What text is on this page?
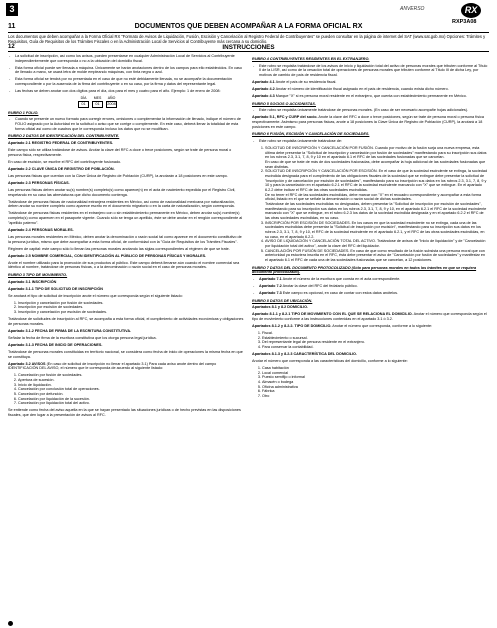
3	ANVERSO	RX
RXP3A08
11	DOCUMENTOS QUE DEBEN ACOMPAÑAR A LA FORMA OFICIAL RX
Los documentos que deben acompañar a la Forma Oficial RX "Formato de Avisos de Liquidación, Fusión, Escisión y Cancelación al Registro Federal de Contribuyentes" se pueden consultar en la página de internet del SAT (www.sat.gob.mx) Opciones: Trámites y Requisitos, Guía de Requisitos de los Trámites Fiscales o en la Administración Local de Servicios al Contribuyente más cercana a su domicilio.
12	INSTRUCCIONES

- La solicitud de inscripción, así como los avisos, pueden presentarse en cualquier Administración Local de Servicios al Contribuyente independientemente que corresponda o no a la ubicación del domicilio fiscal.

- Esta forma oficial puede ser llenada a máquina. Únicamente se harán anotaciones dentro de los campos para ello establecidos. En caso de llenado a mano, se usará letra de molde empleando máquinas, con tinta negra o azul.

- Esta forma oficial se tendrá por no presentada en el caso de que no esté debidamente llenada, no se acompañe la documentación correspondiente o por la ausencia de la firma del contribuyente o en su caso, por la firma y datos del representante legal.

- Las fechas se deben anotar con dos dígitos para el día, dos para el mes y cuatro para el año. Ejemplo: 1 de enero de 2008:

DÍA
01
MES
01
AÑO
2008

RUBRO 1 FOLIO.

- Cuando se presente un nuevo formato para corregir errores, omisiones o complementar la información de llenado, indique el número de FOLIO asignado por la Autoridad en la solicitud o aviso que se corrige o complemente. En este caso, deberá llenar la totalidad de esta forma oficial así como de cuadros que le corresponda incluso los datos que no se modifican.

RUBRO 2 DATOS DE IDENTIFICACIÓN DEL CONTRIBUYENTE.

Apartado 2.1 REGISTRO FEDERAL DE CONTRIBUYENTES.

Este campo sólo se utiliza tratándose de avisos. Anotar la clave del RFC a doce o trece posiciones, según se trate de persona moral o persona física, respectivamente.

En caso de escisión, se escribe el RFC del contribuyente fusionado.

Apartado 2.2 CLAVE ÚNICA DE REGISTRO DE POBLACIÓN.

Las personas físicas que cuentan con la Clave Única de Registro de Población (CURP), la anotarán a 18 posiciones en este campo.

Apartado 2.3 PERSONAS FÍSICAS.

Las personas físicas deben anotar su(s) nombre(s) completo(s) como aparece(n) en el acta de nacimiento expedida por el Registro Civil, respetando en su caso las abreviaturas que dicho documento contenga.

Tratándose de personas físicas de nacionalidad extranjera residentes en México, así como de nacionalidad mexicana por naturalización, deben anotar su nombre completo como aparece escrito en el documento migratorio o en la carta de naturalización, según corresponda.

Tratándose de personas físicas residentes en el extranjero con o sin establecimiento permanente en México, deben anotar su(s) nombre(s) completo(s) como aparecen en el pasaporte vigente. Cuando sólo se tenga un apellido, éste se debe anotar en el renglón correspondiente al "apellido paterno".

Apartado 2.4 PERSONAS MORALES.

Las personas morales residentes en México, deben anotar la denominación o razón social tal como aparece en el documento constitutivo de la persona jurídica, mismo que debe acompañar a esta forma oficial, de conformidad con la "Guía de Requisitos de los Trámites Fiscales".

Régimen de capital: este campo sólo lo llenan las personas morales anotando las siglas correspondientes al régimen de que se trate.

Apartado 2.5 NOMBRE COMERCIAL, CON IDENTIFICACIÓN AL PÚBLICO DE PERSONAS FÍSICAS Y MORALES.

Anote el nombre utilizado para la promoción de sus productos al público. Este campo deberá llenarse aún cuando el nombre comercial sea idéntico al nombre, tratándose de personas físicas, o a la denominación o razón social en el caso de personas morales.

RUBRO 3 TIPO DE MOVIMIENTO.

Apartado 3.1 INSCRIPCIÓN

Apartado 3.1.1 TIPO DE SOLICITUD DE INSCRIPCIÓN

Se anotará el tipo de solicitud de inscripción anote el número que corresponda según el siguiente listado:

1. Inscripción y cancelación por fusión de sociedades.
2. Inscripción por escisión de sociedades.
3. Inscripción y cancelación por escisión de sociedades.

Tratándose de solicitudes de inscripción al RFC, se acompaña a esta forma oficial, el cumplimiento de actividades económicas y obligaciones de personas morales.

Apartado 3.1.2 FECHA DE FIRMA DE LA ESCRITURA CONSTITUTIVA.

Señalar la fecha de firma de la escritura constitutiva que los otorga persona legal jurídica.

Apartado 3.1.3 FECHA DE INICIO DE OPERACIONES.

Tratándose de personas morales constituidas en territorio nacional, se considera como fecha de inicio de operaciones la misma fecha en que se constituya.

Apartado 3.2 AVISOS (En caso de solicitud de inscripción no llenar el apartado 3.1) Para cada aviso anote dentro del campo IDENTIFICACIÓN DEL AVISO, el número que le corresponda de acuerdo al siguiente listado:

1. Cancelación por fusión de sociedades.
2. Apertura de sucesión.
3. Inicio de liquidación.
4. Cancelación por conclusión total de operaciones.
5. Cancelación por defunción.
6. Cancelación por liquidación de la sucesión.
7. Cancelación por liquidación total del activo.

Se entiende como fecha del aviso aquella en la que se hayan presentado las situaciones jurídicas o de hecho previstas en las disposiciones fiscales, que den lugar a la presentación de avisos al RFC.

RUBRO 4 CONTRIBUYENTES RESIDENTES EN EL EXTRANJERO.

- Este rubro se requisita tratándose de los avisos de inicio y liquidación total del activo de personas morales que tributen conforme al Título II de la LISR, así como de la cesación total de operaciones de personas morales que tributen conforme al Título III de dicha Ley, por motivos de cambio de país de residencia fiscal.

Apartado 4.1 Anote el país de su residencia fiscal.

Apartado 4.2 Anotar el número de identificación fiscal asignado en el país de residencia, cuando exista dicho número.

Apartado 4.3 Marque "X" si es persona moral residente en el extranjero, que cuenta con establecimiento permanente en México.

RUBRO 5 SOCIOS O ACCIONISTAS.

- Este rubro se requisita únicamente tratándose de personas morales. (En caso de ser necesario acompañe hojas adicionales).

Apartado 5.1, RFC y CURP del socio. Anote la clave del RFC a doce o trece posiciones, según se trate de persona moral o persona física respectivamente. Asimismo para personas físicas, anote a 18 posiciones la Clave Única de Registro de Población (CURP), la anotará a 18 posiciones en este campo.

RUBRO 6 FUSIÓN, ESCISIÓN Y CANCELACIÓN DE SOCIEDADES.

- Este rubro se requisita únicamente tratándose de:

1. SOLICITUD DE INSCRIPCIÓN Y CANCELACIÓN POR FUSIÓN. Cuando por motivo de la fusión surja una nueva empresa, esta última debe presentar la "Solicitud de inscripción y cancelación por fusión de sociedades" manifestando para su inscripción sus datos en los rubros 2.3, 3.1, 7, 8, 9 y 10 en el apartado 6.1 el RFC de las sociedades fusionadas que se cancelan.
En caso de que se trate de más de dos sociedades fusionadas, debe acompañar la hoja adicional de las sociedades fusionadas que sean distintas.
2. SOLICITUD DE INSCRIPCIÓN Y CANCELACIÓN POR ESCISIÓN. En el caso de que la sociedad escindente se extinga, la sociedad escindida designada para el cumplimiento de las obligaciones fiscales de la sociedad que se extingue debe presentar la solicitud de "inscripción y de cancelación por escisión de sociedades", manifestando para su inscripción sus datos en los rubros 2.3, 3.1, 7, 8, 9 y 10 y para la cancelación en el apartado 6.2.1 el RFC de la sociedad escindente marcando con "X" que se extingue. En el apartado 6.2.2 debe indicar el RFC de las otras sociedades escindidas.
De no tener el RFC de las sociedades escindidas, debe marcar con "X" en el recuadro correspondiente y acompañar a esta forma oficial, listado en el que se señale la denominación o razón social de dichas sociedades.
Tratándose de las sociedades escindidas no designadas, deben presentar la "Solicitud de inscripción por escisión de sociedades", manifestando para su inscripción sus datos en los rubros 2.3, 3.1, 7, 8, 9 y 10, en el apartado 6.2.1 el RFC de la sociedad escindente marcando con "X" que se extingue, en el rubro 6.2.3 los datos de la sociedad escindida designada y en el apartado 6.2.2 el RFC de las otras sociedades escindidas, en su caso.
3. INSCRIPCIÓN POR ESCISIÓN DE SOCIEDADES. En los casos en que la sociedad escindente no se extinga, cada una de las sociedades escindidas debe presentar la "Solicitud de inscripción por escisión", manifestando para su inscripción sus datos en los rubros 2.3, 3.1, 7, 8, 9 y 10, el RFC de la sociedad escindente en el apartado 6.2.1, y el RFC de las otras sociedades escindidas, en su caso, en el apartado 6.2.2.
4. AVISO DE LIQUIDACIÓN Y CANCELACIÓN TOTAL DEL ACTIVO. Tratándose de avisos de "Inicio de liquidación" y de "Cancelación por liquidación total del activo", anote la clave del RFC del liquidador.
5. CANCELACIÓN POR FUSIÓN DE SOCIEDADES. En caso de que como resultado de la fusión subsista una persona moral que con anterioridad ya estuviera inscrita en el RFC, ésta debe presentar el aviso de "Cancelación por fusión de sociedades" y manifestar en el apartado 6.1 el RFC de cada una de las sociedades fusionadas que se cancelan, a 12 posiciones.

RUBRO 7 DATOS DEL DOCUMENTO PROTOCOLIZADO (Sólo para personas morales en todos los trámites en que se requiera documento protocolizado).

- Apartado 7.1 Anote el número de la escritura que consta en el acta correspondiente.

- Apartado 7.2 Anotar la clave del RFC del fedatario público.

- Apartado 7.3 Este campo es opcional, en caso de contar con estos datos anótelos.

RUBRO 8 DATOS DE UBICACIÓN.

Apartados 8.1 y 8.2 DOMICILIO.

Apartado 8.1.1 y 8.2.1 TIPO DE MOVIMIENTO CON EL QUE SE RELACIONA EL DOMICILIO. Anotar el número que corresponda según el tipo de movimiento conforme a las instrucciones contenidas en el apartado 3.1 ó 3.2.

Apartados 8.1.2 y 8.2.2. TIPO DE DOMICILIO. Anotar el número que corresponda, conforme a lo siguiente:

1. Fiscal.
2. Establecimiento o sucursal.
3. Del representante legal de persona residente en el extranjero.
4. Para conservar la contabilidad.

Apartados 8.1.3 y 8.2.3 CARACTERÍSTICA DEL DOMICILIO.

Anotar el número que corresponda a las características del domicilio, conforme a lo siguiente:

1. Casa habitación
2. Local comercial
3. Puesto semifijo o informal
4. Almacén o bodega
5. Oficina administrativa
6. Fábrica
7. Otro
